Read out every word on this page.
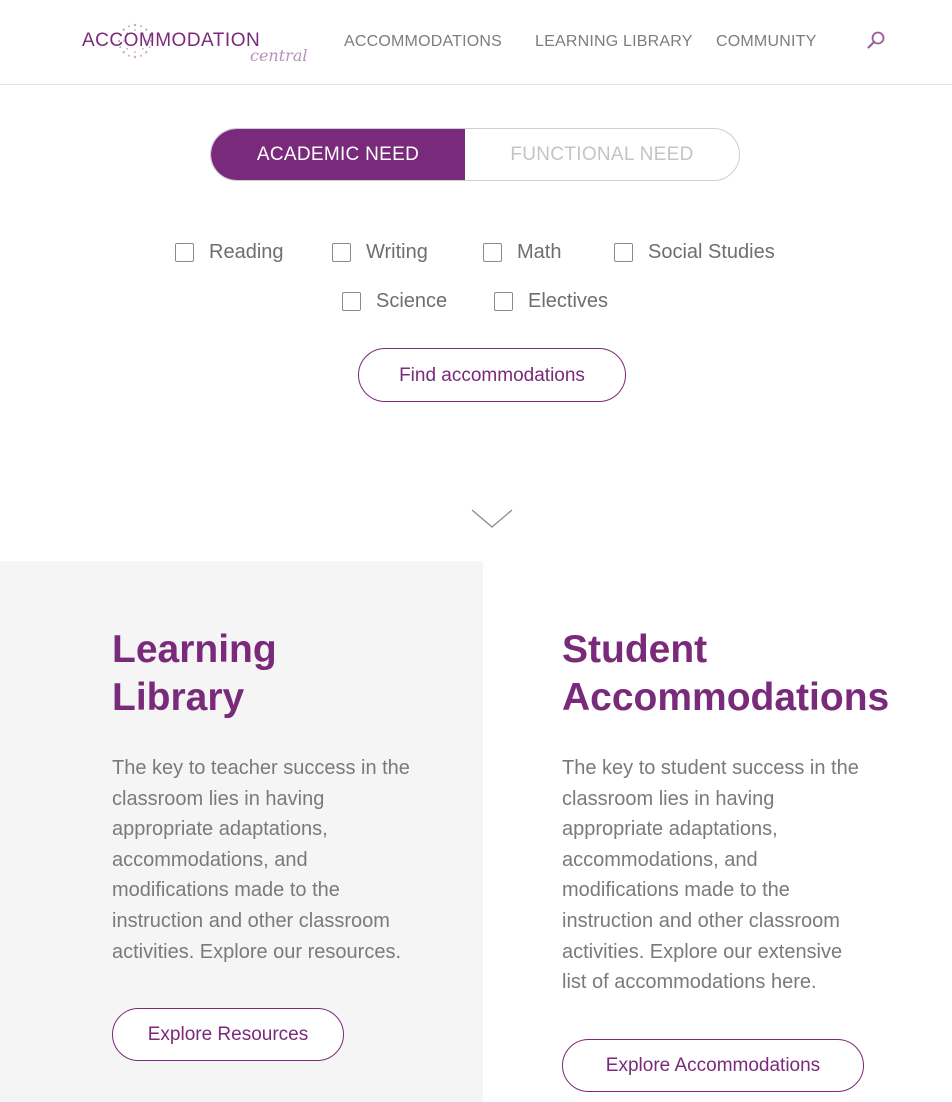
ACCOMMODATION
central
ACCOMMODATIONS LEARNING LIBRARY COMMUNITY
ACADEMIC NEED	FUNCTIONAL NEED
Reading	Writing	Math	Social Studies
Science	Electives
Find accommodations
Learning
Library
The key to teacher success in the
classroom lies in having
appropriate adaptations,
accommodations, and
modifications made to the
instruction and other classroom
activities. Explore our resources.
Explore Resources
Student
Accommodations
The key to student success in the
classroom lies in having
appropriate adaptations,
accommodations, and
modifications made to the
instruction and other classroom
activities. Explore our extensive
list of accommodations here.
Explore Accommodations
